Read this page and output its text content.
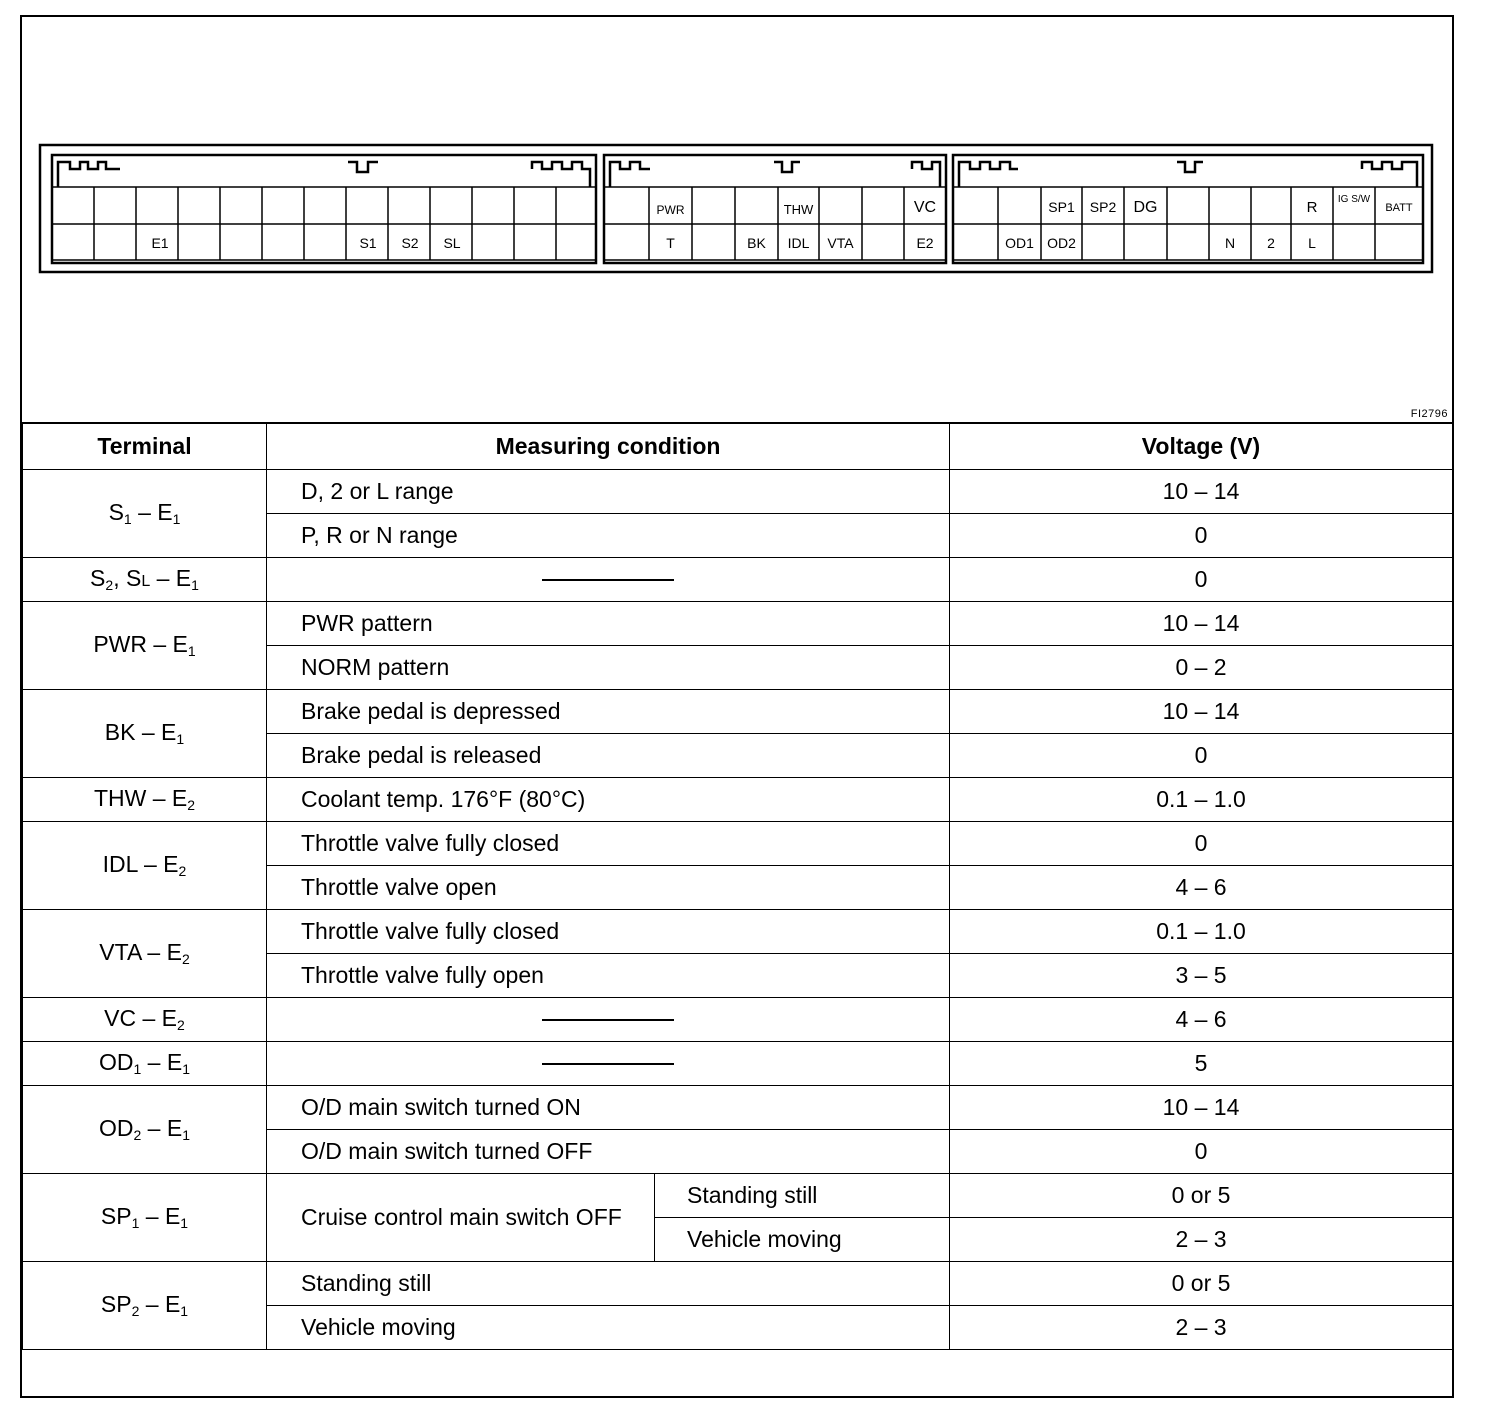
E1	S1	S2	SL
PWR	THW	VC
T	BK	IDL	VTA	E2
SP1	SP2	DG	R	IG S/W
BATT
OD1 OD2	N	2	L
FI2796
Terminal	Measuring condition		Voltage (V)
$S_1 - E_1$	D, 2 or L range		10 – 14
	P, R or N range		0
$S_2$, SL – $E_1$			0
PWR – $E_1$	PWR pattern		10 – 14
	NORM pattern		0 – 2
BK – $E_1$	Brake pedal is depressed		10 – 14
	Brake pedal is released		0
THW – $E_2$	Coolant temp. 176°F (80°C)		0.1 – 1.0
IDL – $E_2$	Throttle valve fully closed		0
	Throttle valve open		4 – 6
VTA – $E_2$	Throttle valve fully closed		0.1 – 1.0
	Throttle valve fully open		3 – 5
VC – $E_2$			4 – 6
$OD_1 - E_1$			5
$OD_2 - E_1$	O/D main switch turned ON		10 – 14
	O/D main switch turned OFF		0
$SP_1 - E_1$	Cruise control main switch OFF	Standing still	0 or 5
		Vehicle moving	2 – 3
$SP_2 - E_1$	Standing still		0 or 5
	Vehicle moving		2 – 3
